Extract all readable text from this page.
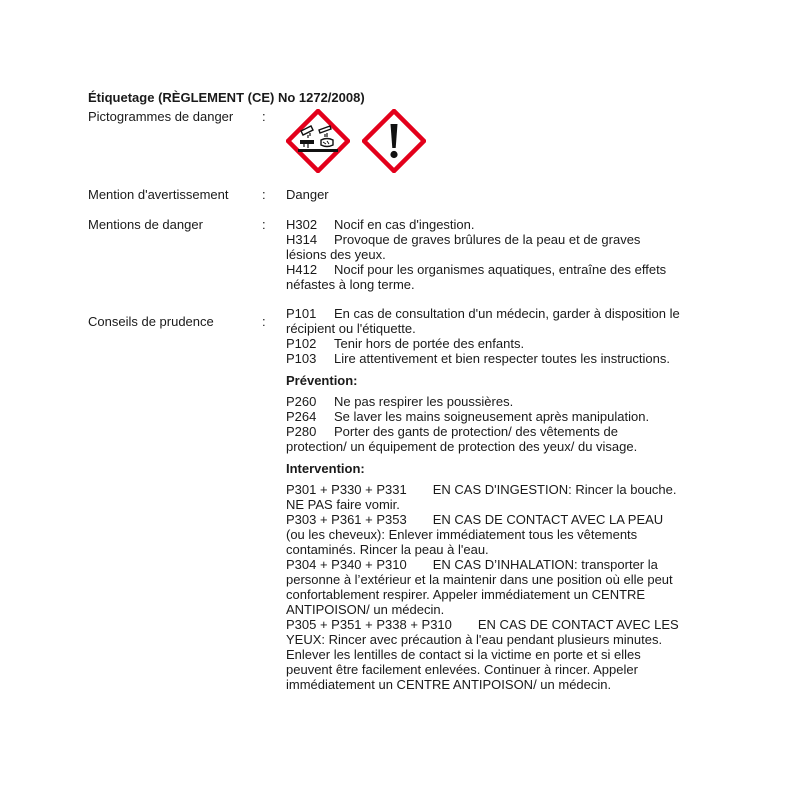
Étiquetage (RÈGLEMENT (CE) No 1272/2008)
Pictogrammes de danger :
Mention d'avertissement	: Danger
Mentions de danger	: H302 Nocif en cas d'ingestion.

H314 Provoque de graves brûlures de la peau et de graves lésions des yeux.

H412 Nocif pour les organismes aquatiques, entraîne des effets néfastes à long terme.

Conseils de prudence	:

P101 En cas de consultation d'un médecin, garder à disposition le récipient ou l'étiquette.

P102 Tenir hors de portée des enfants.

P103 Lire attentivement et bien respecter toutes les instructions.

Prévention:

P260 Ne pas respirer les poussières.

P264 Se laver les mains soigneusement après manipulation.

P280 Porter des gants de protection/ des vêtements de protection/ un équipement de protection des yeux/ du visage.

Intervention:

P301 + P330 + P331 EN CAS D'INGESTION: Rincer la bouche. NE PAS faire vomir.

P303 + P361 + P353 EN CAS DE CONTACT AVEC LA PEAU (ou les cheveux): Enlever immédiatement tous les vêtements contaminés. Rincer la peau à l'eau.

P304 + P340 + P310 EN CAS D’INHALATION: transporter la personne à l’extérieur et la maintenir dans une position où elle peut confortablement respirer. Appeler immédiatement un CENTRE ANTIPOISON/ un médecin.

P305 + P351 + P338 + P310 EN CAS DE CONTACT AVEC LES YEUX: Rincer avec précaution à l'eau pendant plusieurs minutes. Enlever les lentilles de contact si la victime en porte et si elles peuvent être facilement enlevées. Continuer à rincer. Appeler immédiatement un CENTRE ANTIPOISON/ un médecin.
